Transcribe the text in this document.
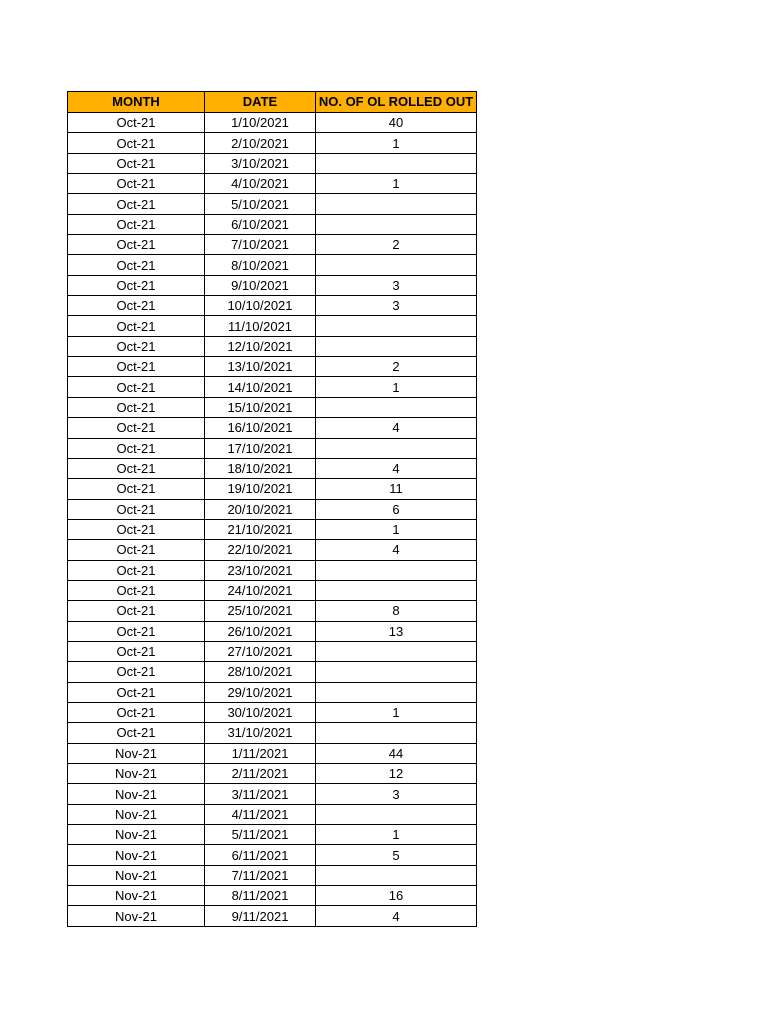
MONTH	DATE	NO. OF OL ROLLED OUT
Oct-21	1/10/2021	40
Oct-21	2/10/2021	1
Oct-21	3/10/2021	
Oct-21	4/10/2021	1
Oct-21	5/10/2021	
Oct-21	6/10/2021	
Oct-21	7/10/2021	2
Oct-21	8/10/2021	
Oct-21	9/10/2021	3
Oct-21	10/10/2021	3
Oct-21	11/10/2021	
Oct-21	12/10/2021	
Oct-21	13/10/2021	2
Oct-21	14/10/2021	1
Oct-21	15/10/2021	
Oct-21	16/10/2021	4
Oct-21	17/10/2021	
Oct-21	18/10/2021	4
Oct-21	19/10/2021	11
Oct-21	20/10/2021	6
Oct-21	21/10/2021	1
Oct-21	22/10/2021	4
Oct-21	23/10/2021	
Oct-21	24/10/2021	
Oct-21	25/10/2021	8
Oct-21	26/10/2021	13
Oct-21	27/10/2021	
Oct-21	28/10/2021	
Oct-21	29/10/2021	
Oct-21	30/10/2021	1
Oct-21	31/10/2021	
Nov-21	1/11/2021	44
Nov-21	2/11/2021	12
Nov-21	3/11/2021	3
Nov-21	4/11/2021	
Nov-21	5/11/2021	1
Nov-21	6/11/2021	5
Nov-21	7/11/2021	
Nov-21	8/11/2021	16
Nov-21	9/11/2021	4
